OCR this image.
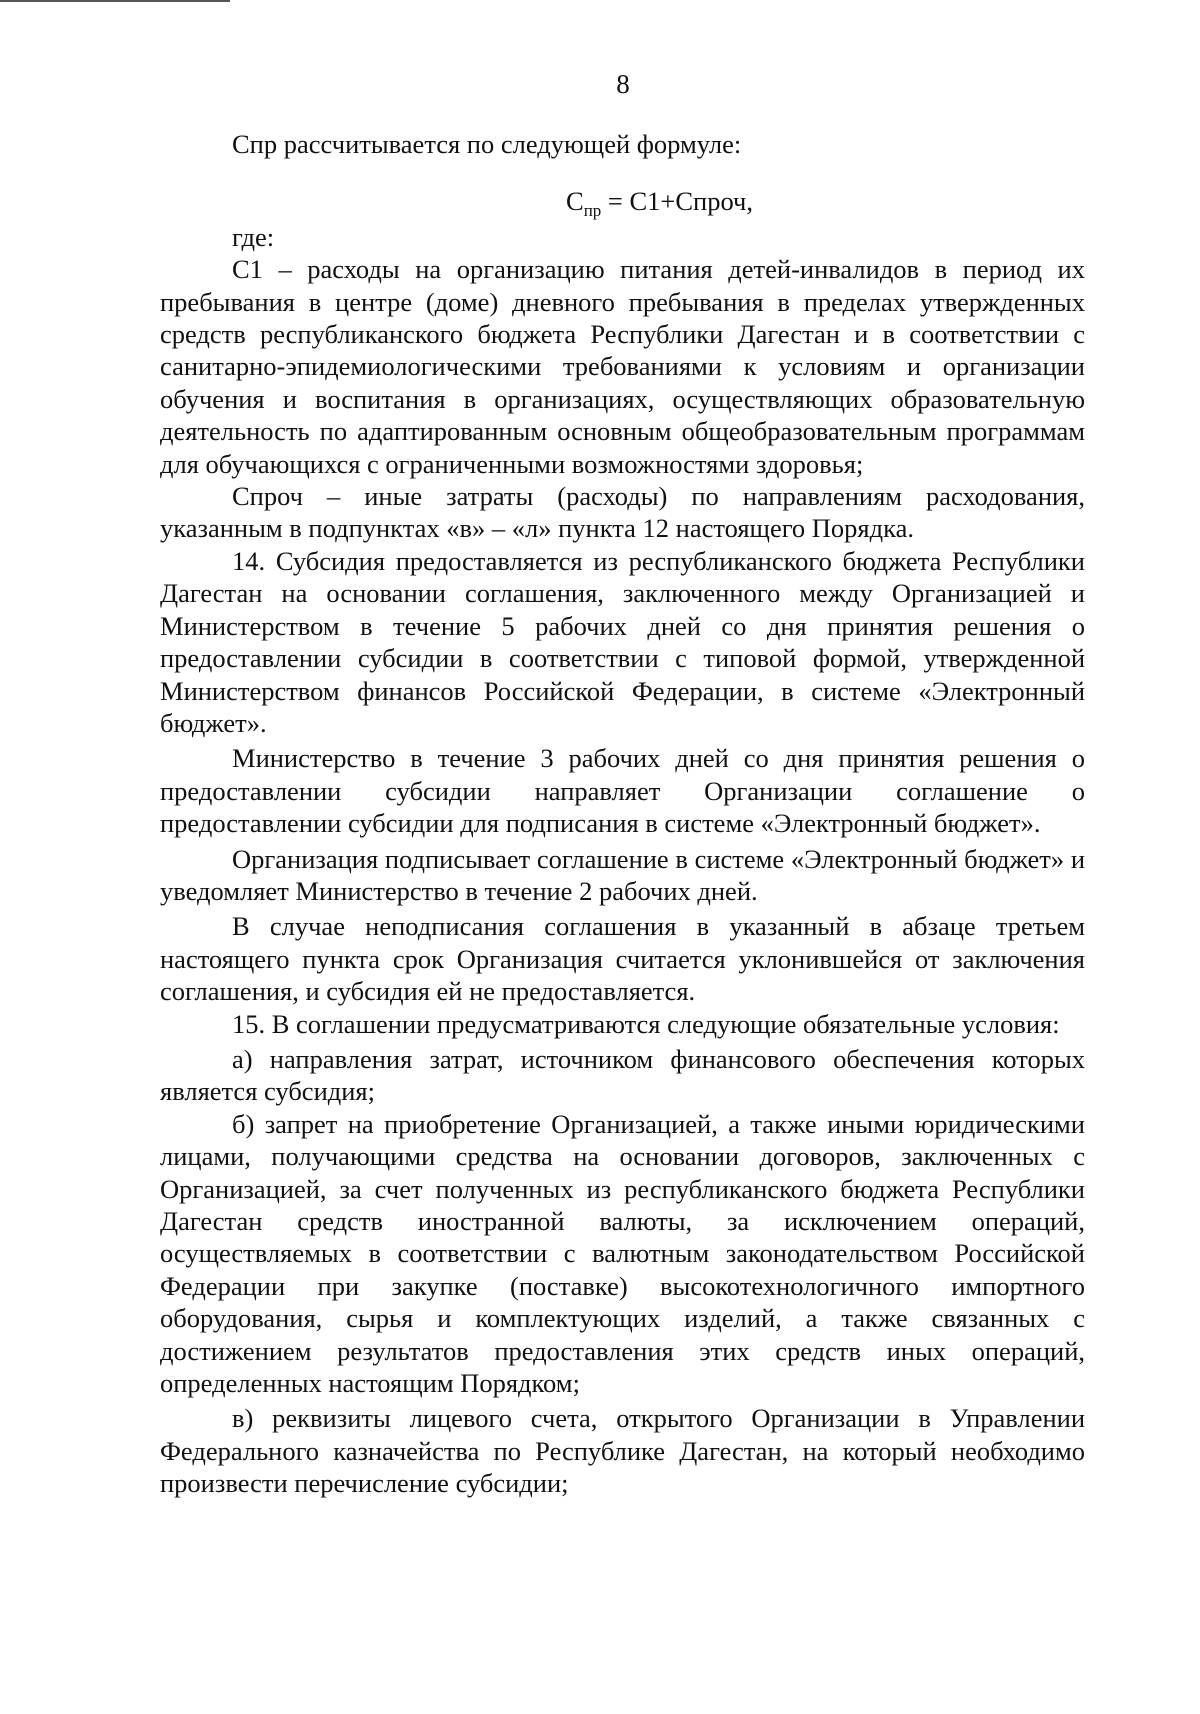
8

Спр рассчитывается по следующей формуле:

$С_{пр}$ = С1+Спроч,

где:

С1 – расходы на организацию питания детей-инвалидов в период их пребывания в центре (доме) дневного пребывания в пределах утвержденных средств республиканского бюджета Республики Дагестан и в соответствии с санитарно-эпидемиологическими требованиями к условиям и организации обучения и воспитания в организациях, осуществляющих образовательную деятельность по адаптированным основным общеобразовательным программам для обучающихся с ограниченными возможностями здоровья;

Спроч – иные затраты (расходы) по направлениям расходования, указанным в подпунктах «в» – «л» пункта 12 настоящего Порядка.

14. Субсидия предоставляется из республиканского бюджета Республики Дагестан на основании соглашения, заключенного между Организацией и Министерством в течение 5 рабочих дней со дня принятия решения о предоставлении субсидии в соответствии с типовой формой, утвержденной Министерством финансов Российской Федерации, в системе «Электронный бюджет».

Министерство в течение 3 рабочих дней со дня принятия решения о предоставлении субсидии направляет Организации соглашение о предоставлении субсидии для подписания в системе «Электронный бюджет».

Организация подписывает соглашение в системе «Электронный бюджет» и уведомляет Министерство в течение 2 рабочих дней.

В случае неподписания соглашения в указанный в абзаце третьем настоящего пункта срок Организация считается уклонившейся от заключения соглашения, и субсидия ей не предоставляется.

15. В соглашении предусматриваются следующие обязательные условия:

а) направления затрат, источником финансового обеспечения которых является субсидия;

б) запрет на приобретение Организацией, а также иными юридическими лицами, получающими средства на основании договоров, заключенных с Организацией, за счет полученных из республиканского бюджета Республики Дагестан средств иностранной валюты, за исключением операций, осуществляемых в соответствии с валютным законодательством Российской Федерации при закупке (поставке) высокотехнологичного импортного оборудования, сырья и комплектующих изделий, а также связанных с достижением результатов предоставления этих средств иных операций, определенных настоящим Порядком;

в) реквизиты лицевого счета, открытого Организации в Управлении Федерального казначейства по Республике Дагестан, на который необходимо произвести перечисление субсидии;
